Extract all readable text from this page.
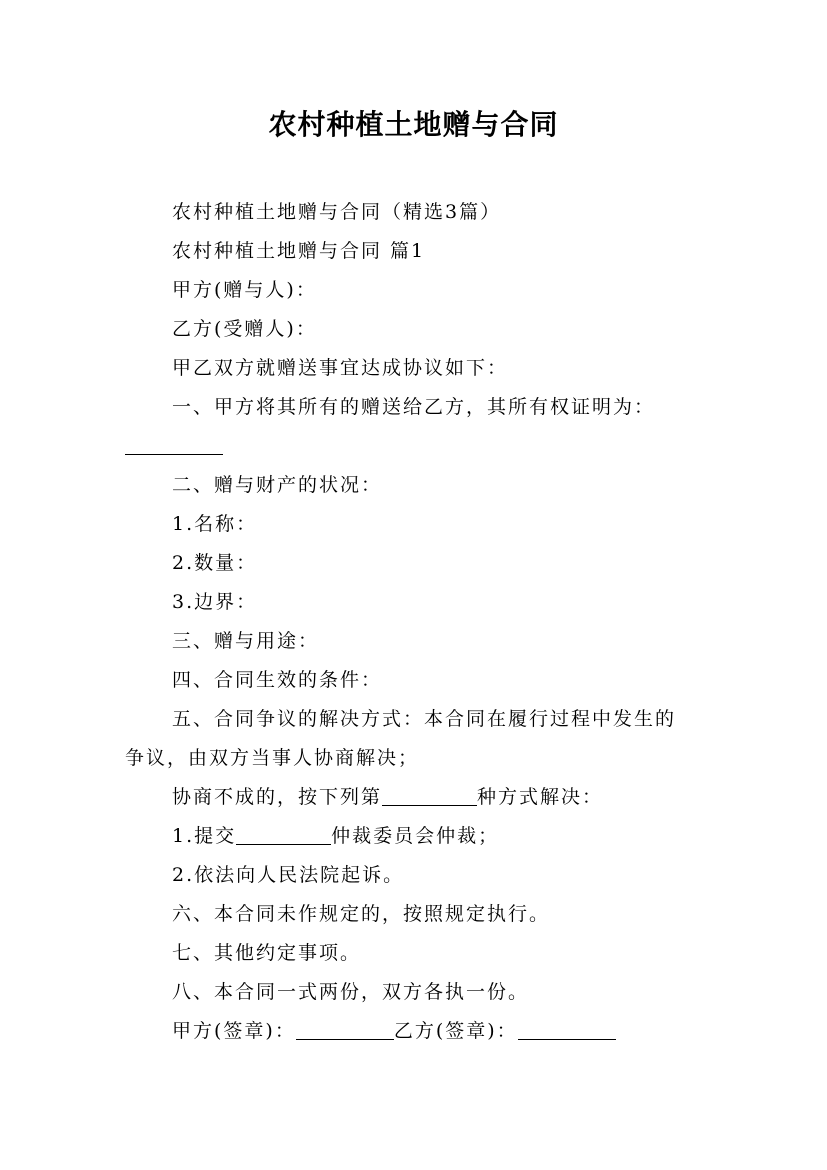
农村种植土地赠与合同
农村种植土地赠与合同（精选3篇）
农村种植土地赠与合同 篇1
甲方(赠与人)：
乙方(受赠人)：
甲乙双方就赠送事宜达成协议如下：
一、甲方将其所有的赠送给乙方，其所有权证明为：
二、赠与财产的状况：
1.名称：
2.数量：
3.边界：
三、赠与用途：
四、合同生效的条件：
五、合同争议的解决方式：本合同在履行过程中发生的
争议，由双方当事人协商解决；
协商不成的，按下列第	种方式解决：
1.提交	仲裁委员会仲裁；
2.依法向人民法院起诉。
六、本合同未作规定的，按照规定执行。
七、其他约定事项。
八、本合同一式两份，双方各执一份。
甲方(签章)：	乙方(签章)：
